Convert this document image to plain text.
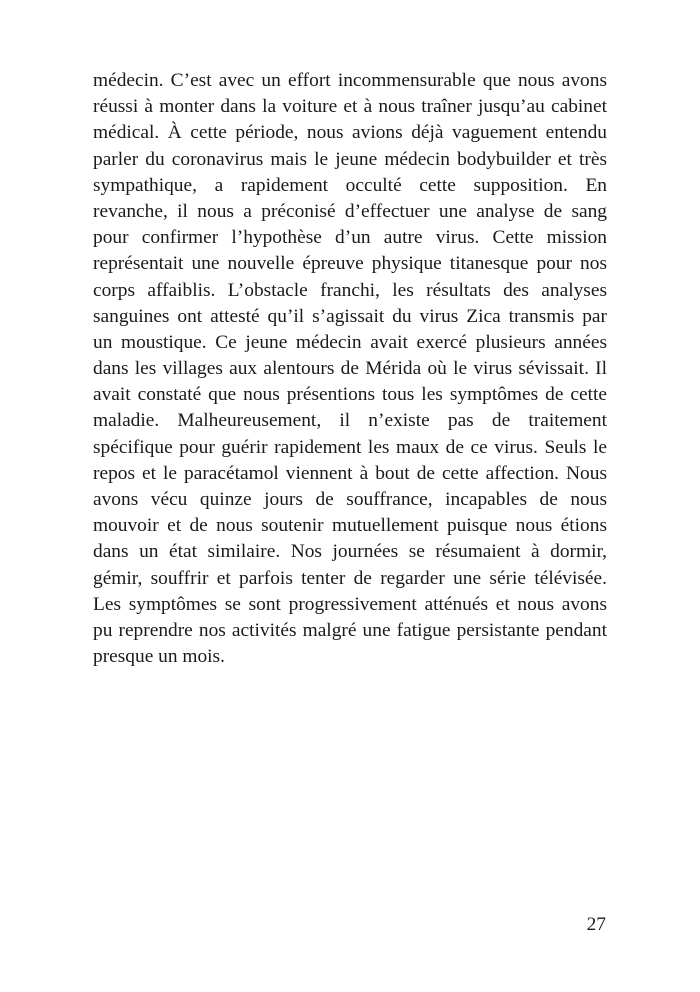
médecin. C’est avec un effort incommensurable que nous avons
réussi à monter dans la voiture et à nous traîner jusqu’au cabinet
médical. À cette période, nous avions déjà vaguement entendu
parler du coronavirus mais le jeune médecin bodybuilder et très
sympathique, a rapidement occulté cette supposition. En
revanche, il nous a préconisé d’effectuer une analyse de sang
pour confirmer l’hypothèse d’un autre virus. Cette mission
représentait une nouvelle épreuve physique titanesque pour nos
corps affaiblis. L’obstacle franchi, les résultats des analyses
sanguines ont attesté qu’il s’agissait du virus Zica transmis par
un moustique. Ce jeune médecin avait exercé plusieurs années
dans les villages aux alentours de Mérida où le virus sévissait. Il
avait constaté que nous présentions tous les symptômes de cette
maladie. Malheureusement, il n’existe pas de traitement
spécifique pour guérir rapidement les maux de ce virus. Seuls le
repos et le paracétamol viennent à bout de cette affection. Nous
avons vécu quinze jours de souffrance, incapables de nous
mouvoir et de nous soutenir mutuellement puisque nous étions
dans un état similaire. Nos journées se résumaient à dormir,
gémir, souffrir et parfois tenter de regarder une série télévisée.
Les symptômes se sont progressivement atténués et nous avons
pu reprendre nos activités malgré une fatigue persistante pendant
presque un mois.
27
